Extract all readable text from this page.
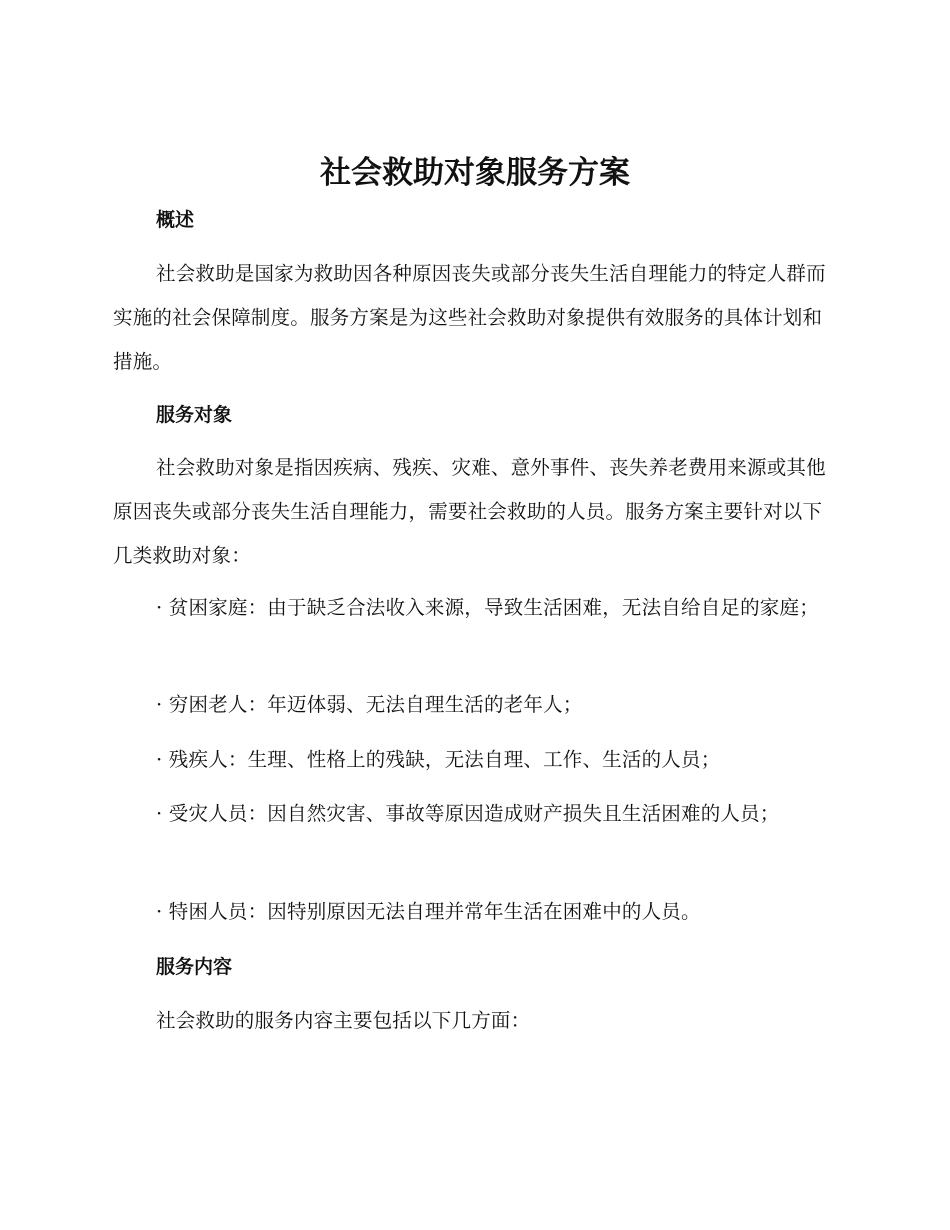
社会救助对象服务方案
概述

社会救助是国家为救助因各种原因丧失或部分丧失生活自理能力的特定人群而实施的社会保障制度。服务方案是为这些社会救助对象提供有效服务的具体计划和措施。

服务对象

社会救助对象是指因疾病、残疾、灾难、意外事件、丧失养老费用来源或其他原因丧失或部分丧失生活自理能力，需要社会救助的人员。服务方案主要针对以下几类救助对象：

· 贫困家庭：由于缺乏合法收入来源，导致生活困难，无法自给自足的家庭；

· 穷困老人：年迈体弱、无法自理生活的老年人；

· 残疾人：生理、性格上的残缺，无法自理、工作、生活的人员；

· 受灾人员：因自然灾害、事故等原因造成财产损失且生活困难的人员；

· 特困人员：因特别原因无法自理并常年生活在困难中的人员。

服务内容

社会救助的服务内容主要包括以下几方面：
